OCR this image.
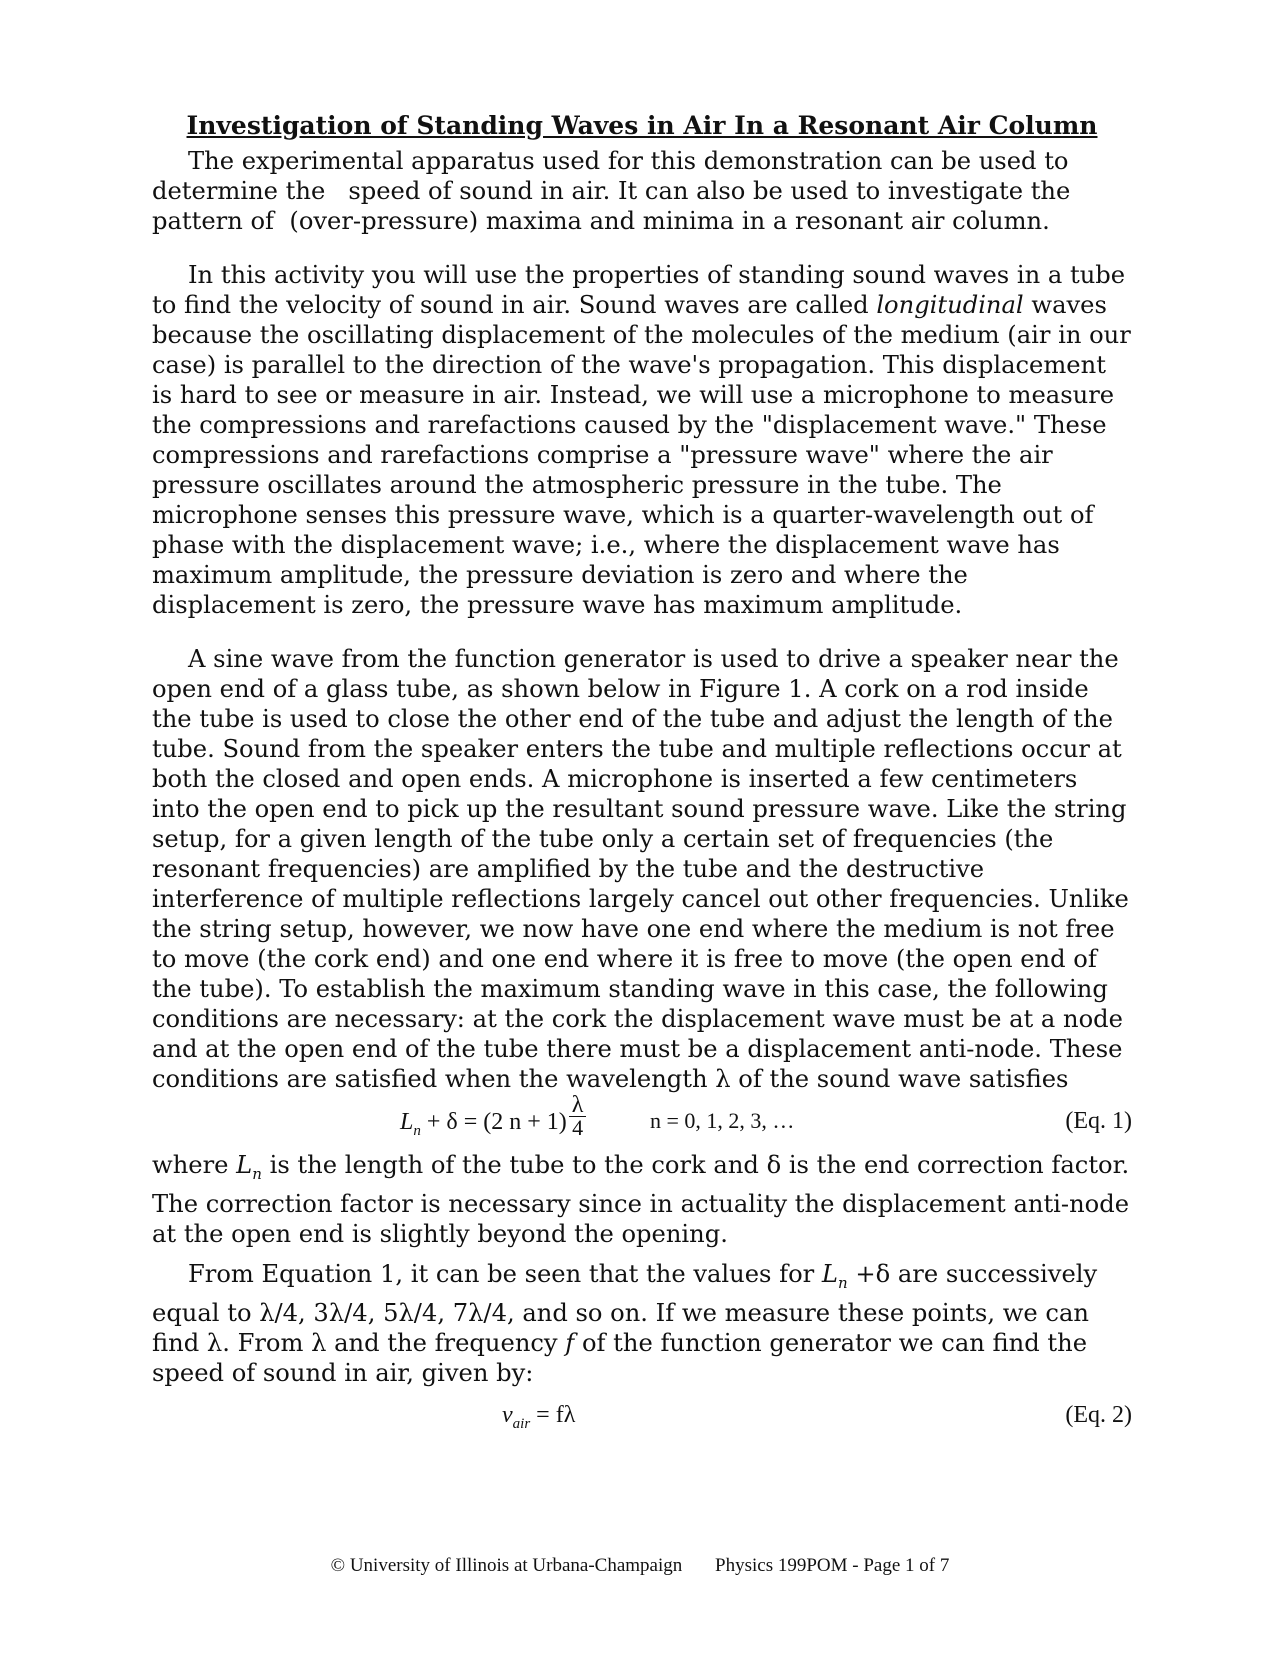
Investigation of Standing Waves in Air In a Resonant Air Column

The experimental apparatus used for this demonstration can be used to determine the   speed of sound in air. It can also be used to investigate the pattern of  (over-pressure) maxima and minima in a resonant air column.

In this activity you will use the properties of standing sound waves in a tube to find the velocity of sound in air. Sound waves are called longitudinal waves because the oscillating displacement of the molecules of the medium (air in our case) is parallel to the direction of the wave's propagation. This displacement is hard to see or measure in air. Instead, we will use a microphone to measure the compressions and rarefactions caused by the "displacement wave." These compressions and rarefactions comprise a "pressure wave" where the air pressure oscillates around the atmospheric pressure in the tube. The microphone senses this pressure wave, which is a quarter-wavelength out of phase with the displacement wave; i.e., where the displacement wave has maximum amplitude, the pressure deviation is zero and where the displacement is zero, the pressure wave has maximum amplitude.

A sine wave from the function generator is used to drive a speaker near the open end of a glass tube, as shown below in Figure 1. A cork on a rod inside the tube is used to close the other end of the tube and adjust the length of the tube. Sound from the speaker enters the tube and multiple reflections occur at both the closed and open ends. A microphone is inserted a few centimeters into the open end to pick up the resultant sound pressure wave. Like the string setup, for a given length of the tube only a certain set of frequencies (the resonant frequencies) are amplified by the tube and the destructive interference of multiple reflections largely cancel out other frequencies. Unlike the string setup, however, we now have one end where the medium is not free to move (the cork end) and one end where it is free to move (the open end of the tube). To establish the maximum standing wave in this case, the following conditions are necessary: at the cork the displacement wave must be at a node and at the open end of the tube there must be a displacement anti-node. These conditions are satisfied when the wavelength λ of the sound wave satisfies

$L_n + \delta = (2$ $n + 1) \frac{\lambda}{4}$	n = 0, 1, 2, 3, …	(Eq. 1)

where $L_n$ is the length of the tube to the cork and δ is the end correction factor. The correction factor is necessary since in actuality the displacement anti-node at the open end is slightly beyond the opening.

From Equation 1, it can be seen that the values for $L_n +\delta$ are successively equal to λ/4, 3λ/4, 5λ/4, 7λ/4, and so on. If we measure these points, we can find λ. From λ and the frequency f of the function generator we can find the speed of sound in air, given by:

$v_{air} = f\lambda$	(Eq. 2)
© University of Illinois at Urbana-Champaign Physics 199POM - Page 1 of 7
